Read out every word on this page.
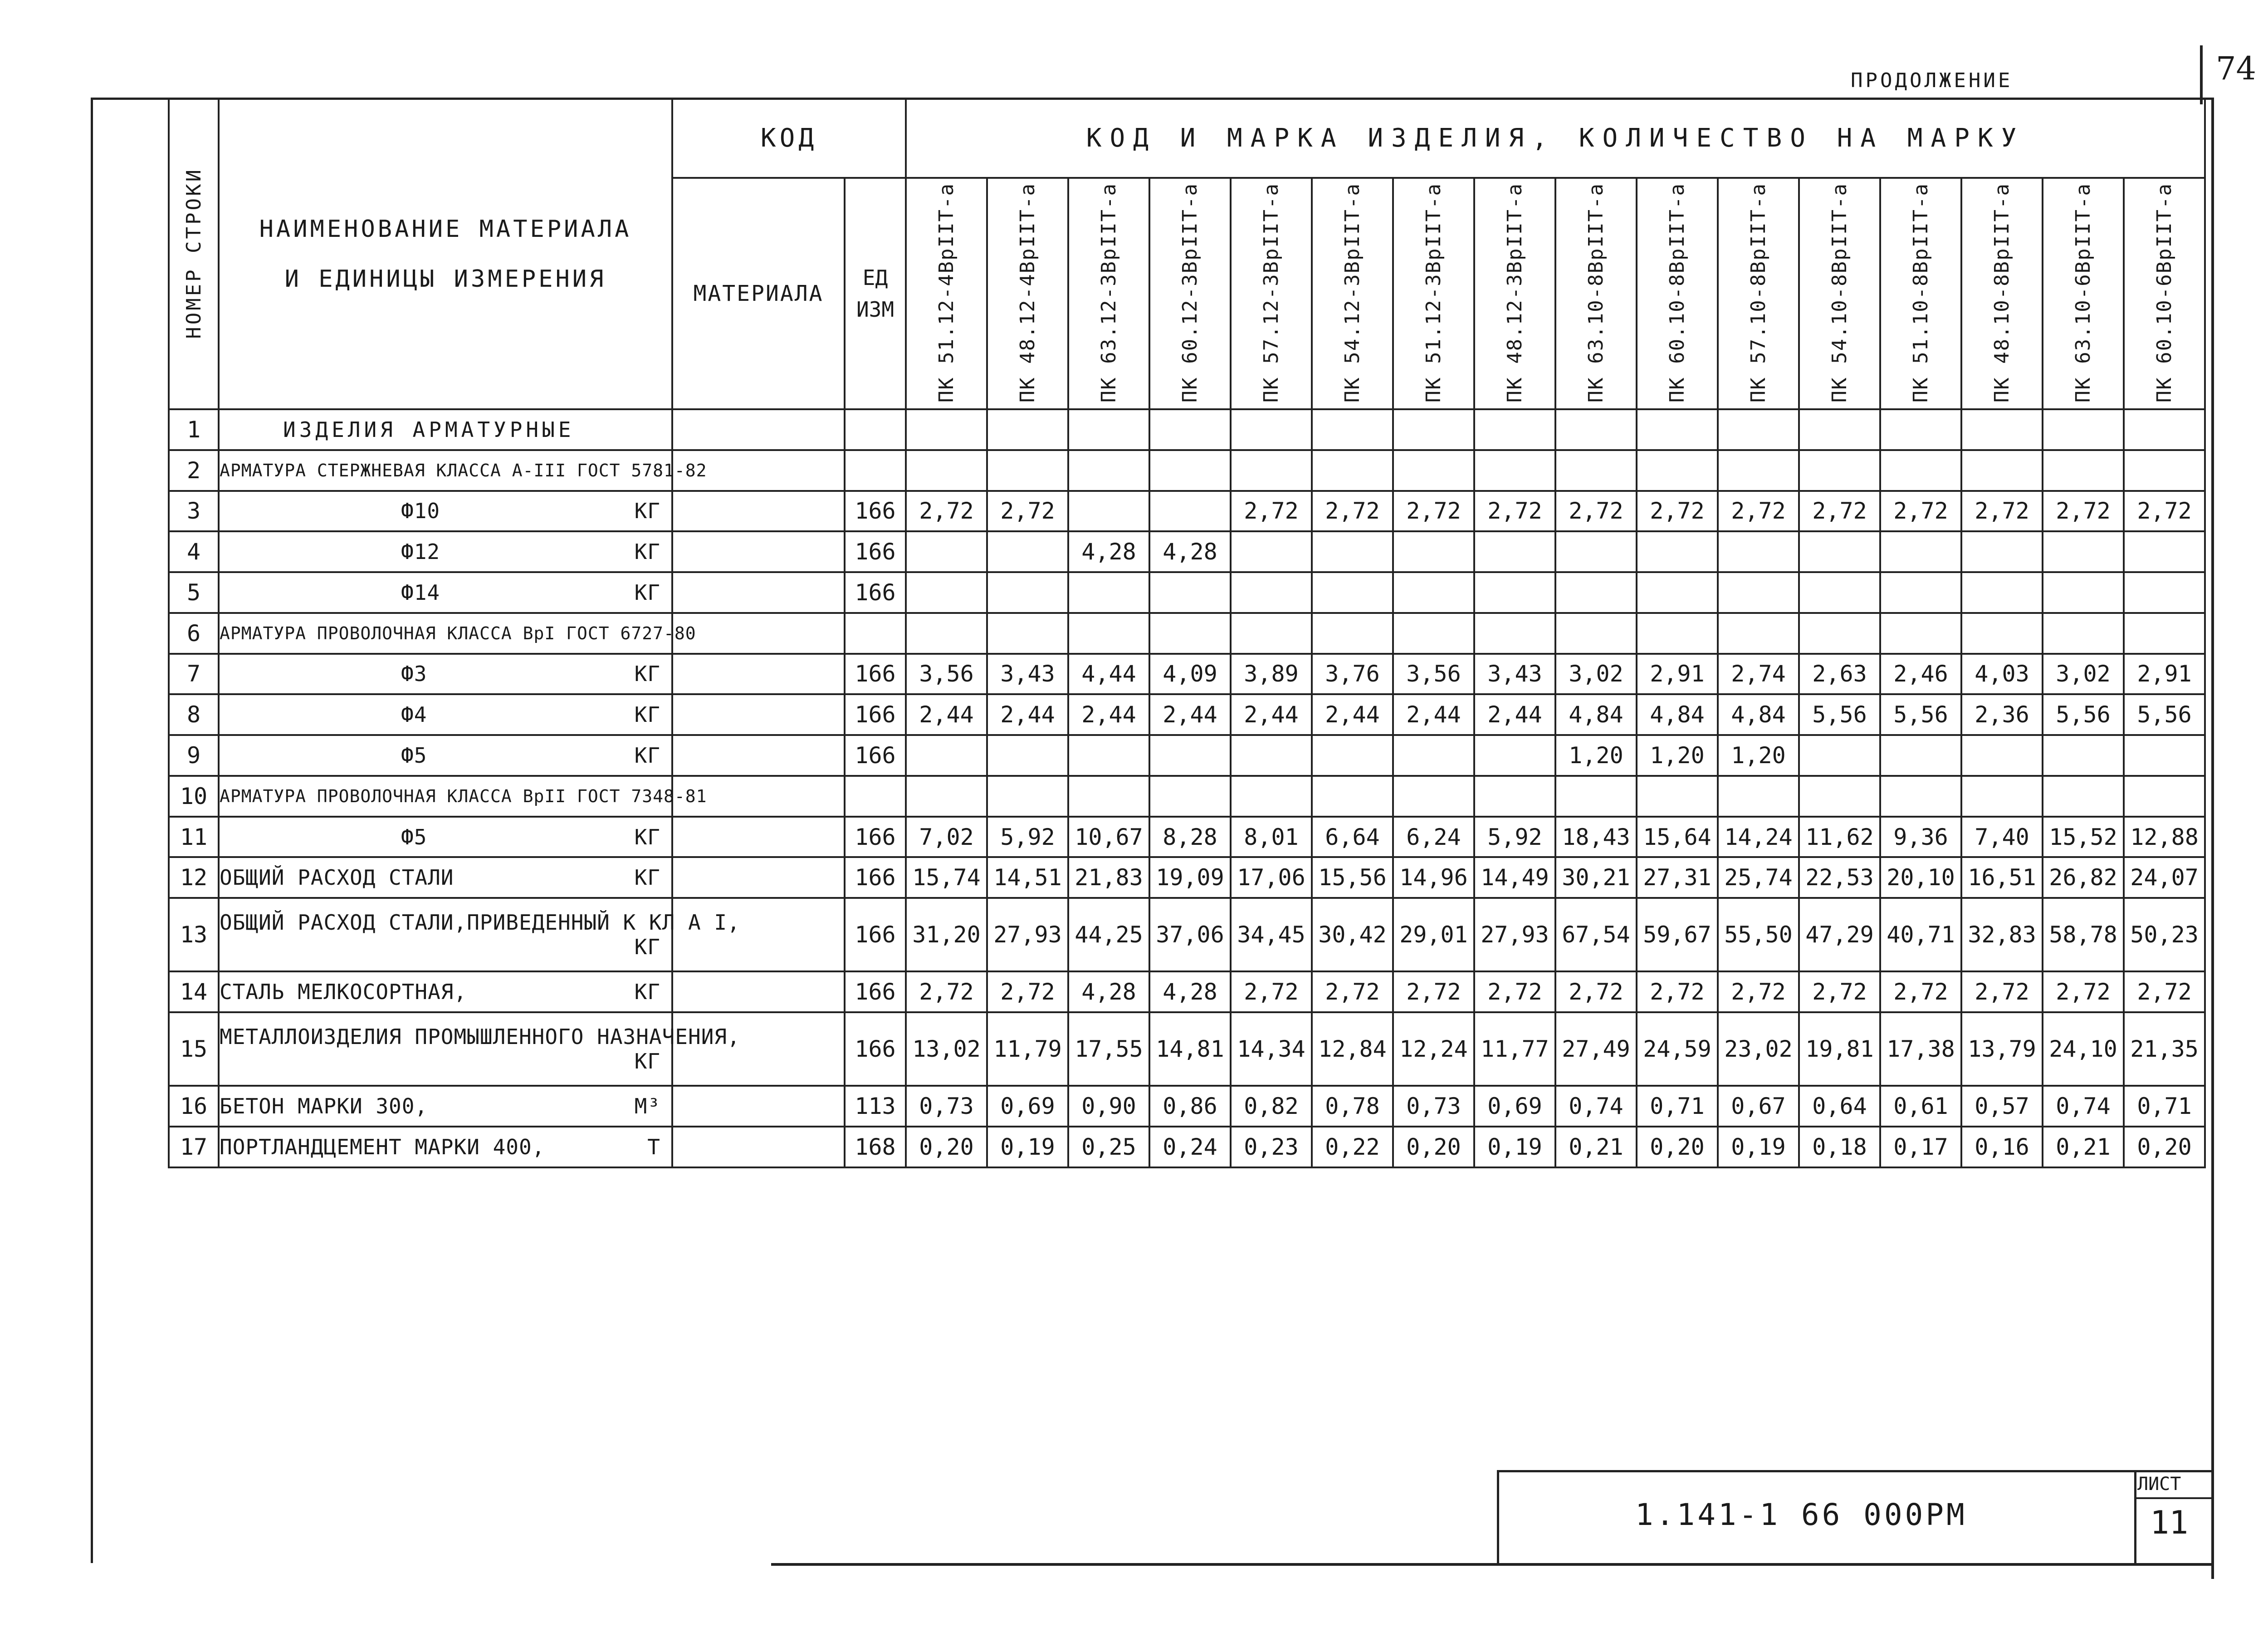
74
ПРОДОЛЖЕНИЕ
НОМЕР СТРОКИ	НАИМЕНОВАНИЕ МАТЕРИАЛА
И ЕДИНИЦЫ ИЗМЕРЕНИЯ	КОД		КОД И МАРКА ИЗДЕЛИЯ, КОЛИЧЕСТВО НА МАРКУ															
		МАТЕРИАЛА	ЕД
ИЗМ	ПК 51.12-4ВрIIТ-а	ПК 48.12-4ВрIIТ-а	ПК 63.12-3ВрIIТ-а	ПК 60.12-3ВрIIТ-а	ПК 57.12-3ВрIIТ-а	ПК 54.12-3ВрIIТ-а	ПК 51.12-3ВрIIТ-а	ПК 48.12-3ВрIIТ-а	ПК 63.10-8ВрIIТ-а	ПК 60.10-8ВрIIТ-а	ПК 57.10-8ВрIIТ-а	ПК 54.10-8ВрIIТ-а	ПК 51.10-8ВрIIТ-а	ПК 48.10-8ВрIIТ-а	ПК 63.10-6ВрIIТ-а	ПК 60.10-6ВрIIТ-а
1	ИЗДЕЛИЯ АРМАТУРНЫЕ																		

2	АРМАТУРА СТЕРЖНЕВАЯ КЛАССА А-III ГОСТ 5781-82																		

3	Ф10 КГ		166	2,72	2,72			2,72	2,72	2,72	2,72	2,72	2,72	2,72	2,72	2,72	2,72	2,72	2,72
4	Ф12 КГ		166			4,28	4,28												
5	Ф14 КГ		166																
6	АРМАТУРА ПРОВОЛОЧНАЯ КЛАССА ВрI ГОСТ 6727-80																		

7	Ф3 КГ		166	3,56	3,43	4,44	4,09	3,89	3,76	3,56	3,43	3,02	2,91	2,74	2,63	2,46	4,03	3,02	2,91
8	Ф4 КГ		166	2,44	2,44	2,44	2,44	2,44	2,44	2,44	2,44	4,84	4,84	4,84	5,56	5,56	2,36	5,56	5,56
9	Ф5 КГ		166									1,20	1,20	1,20					
10	АРМАТУРА ПРОВОЛОЧНАЯ КЛАССА ВрII ГОСТ 7348-81																		

11	Ф5 КГ		166	7,02	5,92	10,67	8,28	8,01	6,64	6,24	5,92	18,43	15,64	14,24	11,62	9,36	7,40	15,52	12,88
12	ОБЩИЙ РАСХОД СТАЛИ КГ		166	15,74	14,51	21,83	19,09	17,06	15,56	14,96	14,49	30,21	27,31	25,74	22,53	20,10	16,51	26,82	24,07
13	ОБЩИЙ РАСХОД СТАЛИ,ПРИВЕДЕННЫЙ К КЛ А I,
КГ		166	31,20	27,93	44,25	37,06	34,45	30,42	29,01	27,93	67,54	59,67	55,50	47,29	40,71	32,83	58,78	50,23
14	СТАЛЬ МЕЛКОСОРТНАЯ, КГ		166	2,72	2,72	4,28	4,28	2,72	2,72	2,72	2,72	2,72	2,72	2,72	2,72	2,72	2,72	2,72	2,72
15	МЕТАЛЛОИЗДЕЛИЯ ПРОМЫШЛЕННОГО НАЗНАЧЕНИЯ,
КГ		166	13,02	11,79	17,55	14,81	14,34	12,84	12,24	11,77	27,49	24,59	23,02	19,81	17,38	13,79	24,10	21,35
16	БЕТОН МАРКИ 300, М³		113	0,73	0,69	0,90	0,86	0,82	0,78	0,73	0,69	0,74	0,71	0,67	0,64	0,61	0,57	0,74	0,71
17	ПОРТЛАНДЦЕМЕНТ МАРКИ 400, Т		168	0,20	0,19	0,25	0,24	0,23	0,22	0,20	0,19	0,21	0,20	0,19	0,18	0,17	0,16	0,21	0,20
1.141-1 66 000РМ
ЛИСТ
11
